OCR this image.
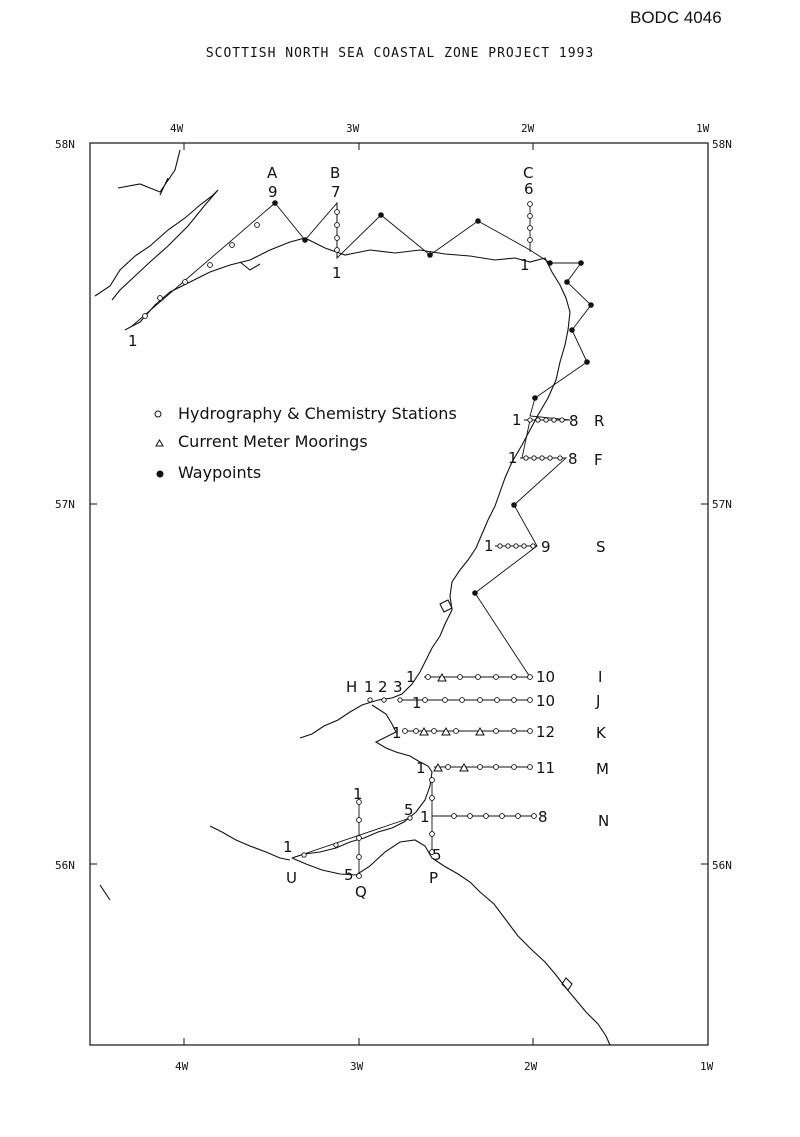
BODC 4046
SCOTTISH NORTH SEA COASTAL ZONE PROJECT 1993
4W	3W	2W	1W
4W	3W	2W	1W
58N	58N
57N	57N
56N	56N
Hydrography & Chemistry Stations
Current Meter Moorings
Waypoints
A
9
1
B
7
1
C
6
1
1	8 R
1	8 F
1	9	S
1	10	I
H 1 2 3
1	10	J
1	12	K
1	11	M
1	8	N
5
P
1
5
Q
1
5
U
